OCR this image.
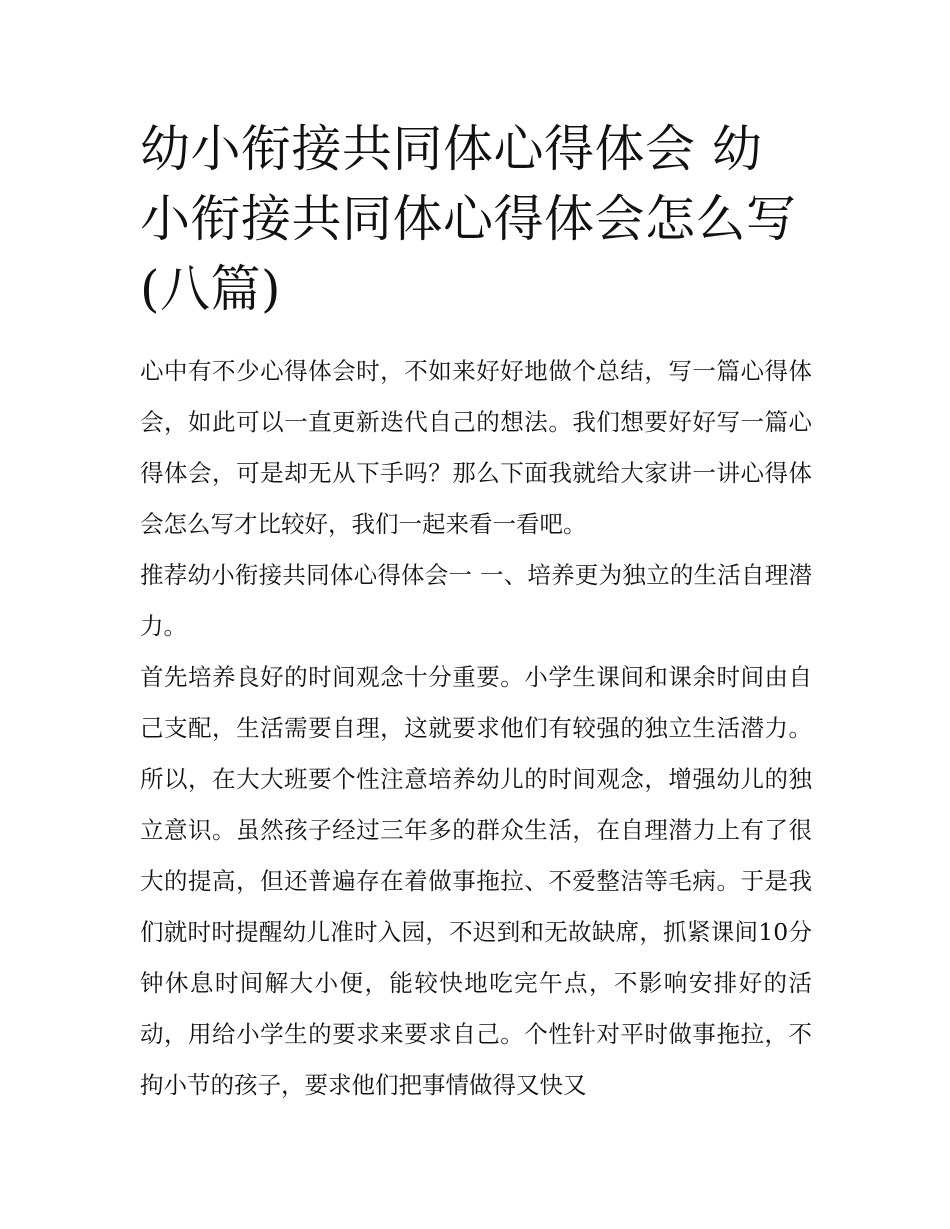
幼小衔接共同体心得体会 幼小衔接共同体心得体会怎么写(八篇)

心中有不少心得体会时，不如来好好地做个总结，写一篇心得体会，如此可以一直更新迭代自己的想法。我们想要好好写一篇心得体会，可是却无从下手吗？那么下面我就给大家讲一讲心得体会怎么写才比较好，我们一起来看一看吧。

推荐幼小衔接共同体心得体会一 一、培养更为独立的生活自理潜力。

首先培养良好的时间观念十分重要。小学生课间和课余时间由自己支配，生活需要自理，这就要求他们有较强的独立生活潜力。所以，在大大班要个性注意培养幼儿的时间观念，增强幼儿的独立意识。虽然孩子经过三年多的群众生活，在自理潜力上有了很大的提高，但还普遍存在着做事拖拉、不爱整洁等毛病。于是我们就时时提醒幼儿准时入园，不迟到和无故缺席，抓紧课间10分钟休息时间解大小便，能较快地吃完午点，不影响安排好的活动，用给小学生的要求来要求自己。个性针对平时做事拖拉，不拘小节的孩子，要求他们把事情做得又快又
